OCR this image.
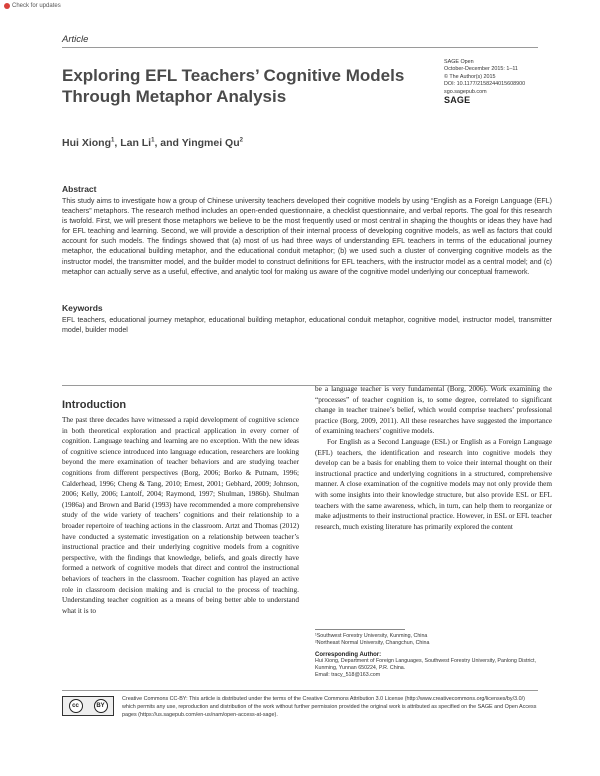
Check for updates
Article
Exploring EFL Teachers’ Cognitive Models Through Metaphor Analysis
SAGE Open
October-December 2015: 1–11
© The Author(s) 2015
DOI: 10.1177/2158244015608900
sgo.sagepub.com
SAGE
Hui Xiong$^1$, Lan Li$^1$, and Yingmei Qu$^2$
Abstract
This study aims to investigate how a group of Chinese university teachers developed their cognitive models by using “English as a Foreign Language (EFL) teachers” metaphors. The research method includes an open-ended questionnaire, a checklist questionnaire, and verbal reports. The goal for this research is twofold. First, we will present those metaphors we believe to be the most frequently used or most central in shaping the thoughts or ideas they have had for EFL teaching and learning. Second, we will provide a description of their internal process of developing cognitive models, as well as factors that could account for such models. The findings showed that (a) most of us had three ways of understanding EFL teachers in terms of the educational journey metaphor, the educational building metaphor, and the educational conduit metaphor; (b) we used such a cluster of converging cognitive models as the instructor model, the transmitter model, and the builder model to construct definitions for EFL teachers, with the instructor model as a central model; and (c) metaphor can actually serve as a useful, effective, and analytic tool for making us aware of the cognitive model underlying our conceptual framework.
Keywords
EFL teachers, educational journey metaphor, educational building metaphor, educational conduit metaphor, cognitive model, instructor model, transmitter model, builder model
Introduction

The past three decades have witnessed a rapid development of cognitive science in both theoretical exploration and practical application in every corner of cognition. Language teaching and learning are no exception. With the new ideas of cognitive science introduced into language education, researchers are looking beyond the mere examination of teacher behaviors and are studying teacher cognitions from different perspectives (Borg, 2006; Borko & Putnam, 1996; Calderhead, 1996; Cheng & Tang, 2010; Ernest, 2001; Gebhard, 2009; Johnson, 2006; Kelly, 2006; Lantolf, 2004; Raymond, 1997; Shulman, 1986b). Shulman (1986a) and Brown and Barid (1993) have recommended a more comprehensive study of the wide variety of teachers’ cognitions and their relationship to a broader repertoire of teaching actions in the classroom. Artzt and Thomas (2012) have conducted a systematic investigation on a relationship between teacher’s instructional practice and their underlying cognitive models from a cognitive perspective, with the findings that knowledge, beliefs, and goals directly have formed a network of cognitive models that direct and control the instructional behaviors of teachers in the classroom. Teacher cognition has played an active role in classroom decision making and is crucial to the process of teaching. Understanding teacher cognition as a means of being better able to understand what it is to

be a language teacher is very fundamental (Borg, 2006). Work examining the “processes” of teacher cognition is, to some degree, correlated to significant change in teacher trainee’s belief, which would comprise teachers’ professional practice (Borg, 2009, 2011). All these researches have suggested the importance of examining teachers’ cognitive models.

For English as a Second Language (ESL) or English as a Foreign Language (EFL) teachers, the identification and research into cognitive models they develop can be a basis for enabling them to voice their internal thought on their instructional practice and underlying cognitions in a structured, comprehensive manner. A close examination of the cognitive models may not only provide them with some insights into their knowledge structure, but also provide ESL or EFL teachers with the same awareness, which, in turn, can help them to reorganize or make adjustments to their instructional practice. However, in ESL or EFL teacher research, much existing literature has primarily explored the content

¹Southwest Forestry University, Kunming, China
²Northeast Normal University, Changchun, China
Corresponding Author:
Hui Xiong, Department of Foreign Languages, Southwest Forestry University, Panlong District, Kunming, Yunnan 650224, P.R. China.
Email: tracy_518@163.com
cc	BY
Creative Commons CC-BY: This article is distributed under the terms of the Creative Commons Attribution 3.0 License (http://www.creativecommons.org/licenses/by/3.0/) which permits any use, reproduction and distribution of the work without further permission provided the original work is attributed as specified on the SAGE and Open Access pages (https://us.sagepub.com/en-us/nam/open-access-at-sage).
